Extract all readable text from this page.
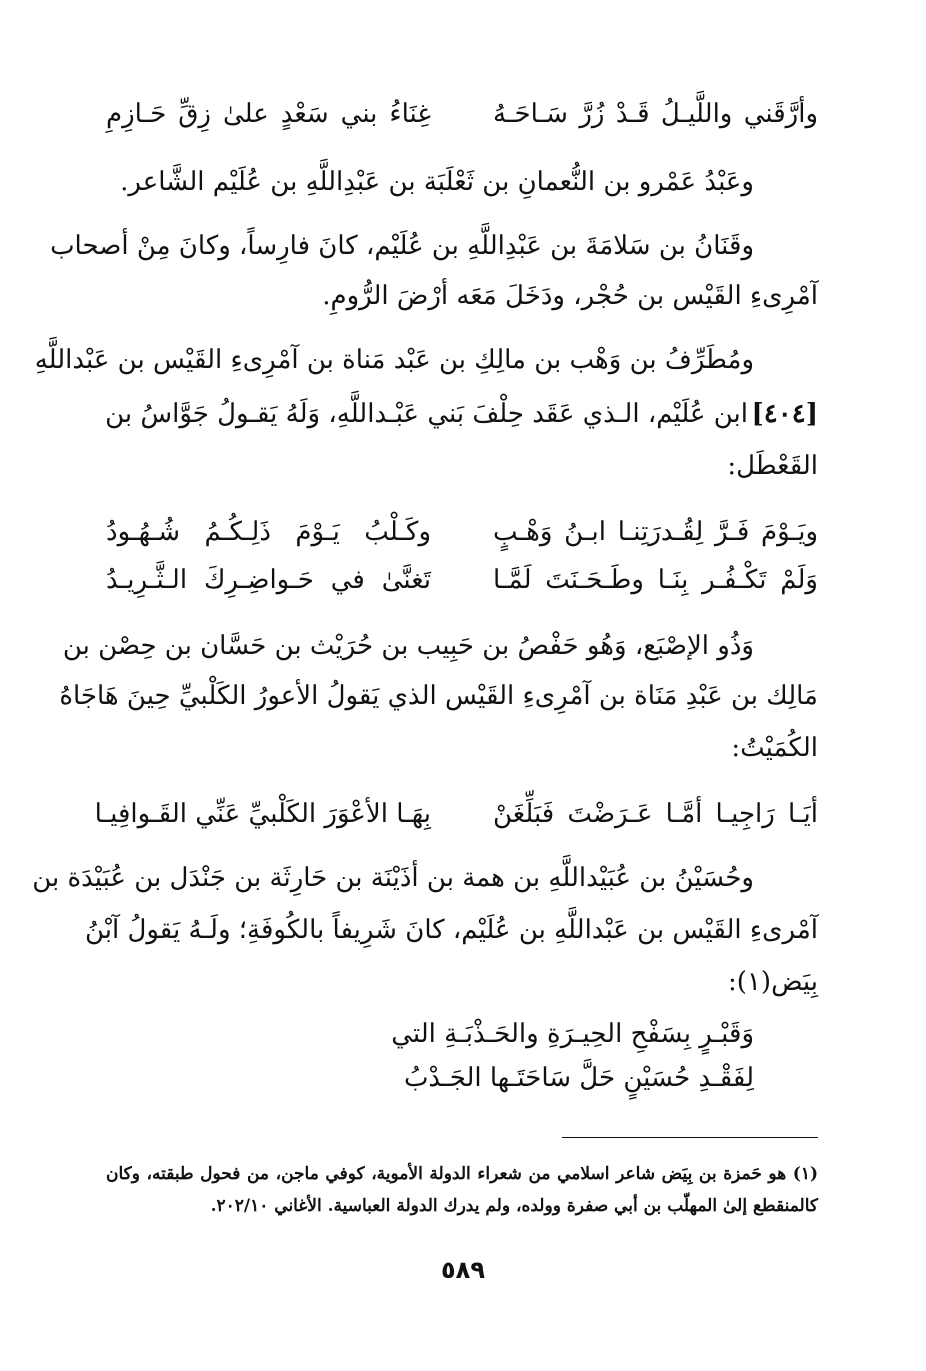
وأرَّقَني واللَّيـلُ قَـدْ زُرَّ سَـاحَـهُ
غِنَاءُ بني سَعْدٍ علىٰ زِقِّ حَـازِمِ
وعَبْدُ عَمْرو بن النُّعمانِ بن ثَعْلَبَة بن عَبْدِاللَّهِ بن عُلَيْم الشَّاعر.
وقَنَانُ بن سَلامَةَ بن عَبْدِاللَّهِ بن عُلَيْم، كانَ فارِساً، وكانَ مِنْ أصحاب
آمْرِىءِ القَيْس بن حُجْر، ودَخَلَ مَعَه أرْضَ الرُّومِ.
ومُطَرِّفُ بن وَهْب بن مالِكِ بن عَبْد مَناة بن آمْرِىءِ القَيْس بن عَبْداللَّهِ
ابن عُلَيْم، الـذي عَقَد حِلْفَ بَني عَبْـداللَّهِ، وَلَهُ يَقـولُ جَوَّاسُ بن [٤٠٤]
القَعْطَل:
ويَـوْمَ فَـرَّ لِقُـدرَتِنـا ابـنُ وَهْـبٍ
وكَـلْبُ يَـوْمَ ذَلِـكُـمُ شُـهُـودُ
وَلَمْ تَكْـفُـر بِنَـا وطَـحَـنَتَ لَمَّـا
تَغنَّىٰ في حَـواضِـرِكَ الـثَّـرِيـدُ
وَذُو الإصْبَع، وَهُو حَفْصُ بن حَبِيب بن حُرَيْث بن حَسَّان بن حِصْن بن
مَالِك بن عَبْدِ مَنَاة بن آمْرِىءِ القَيْس الذي يَقولُ الأعورُ الكَلْبيِّ حِينَ هَاجَاهُ
الكُمَيْتُ:
أيَـا رَاجِيـا أمَّـا عَـرَضْتَ فَبَلِّغَنْ
بِهَـا الأعْوَرَ الكَلْبيِّ عَنِّي القَـوافِيـا
وحُسَيْنُ بن عُبَيْداللَّهِ بن همة بن أذَيْنَة بن حَارِثَة بن جَنْدَل بن عُبَيْدَة بن
آمْرىءِ القَيْس بن عَبْداللَّهِ بن عُلَيْم، كانَ شَرِيفاً بالكُوفَةِ؛ ولَـهُ يَقولُ آبْنُ
بِيَض(١):
وَقَبْـرٍ بِسَفْحِ الحِيـرَةِ والحَـذْبَـةِ التي
لِفَقْـدِ حُسَيْنٍ حَلَّ سَاحَتَـها الجَـدْبُ
(١) هو حَمزة بن بِيَض شاعر اسلامي من شعراء الدولة الأموية، كوفي ماجن، من فحول طبقته، وكان
كالمنقطع إلىٰ المهلّب بن أبي صفرة وولده، ولم يدرك الدولة العباسية. الأغاني ٢٠٢/١٠.
٥٨٩
